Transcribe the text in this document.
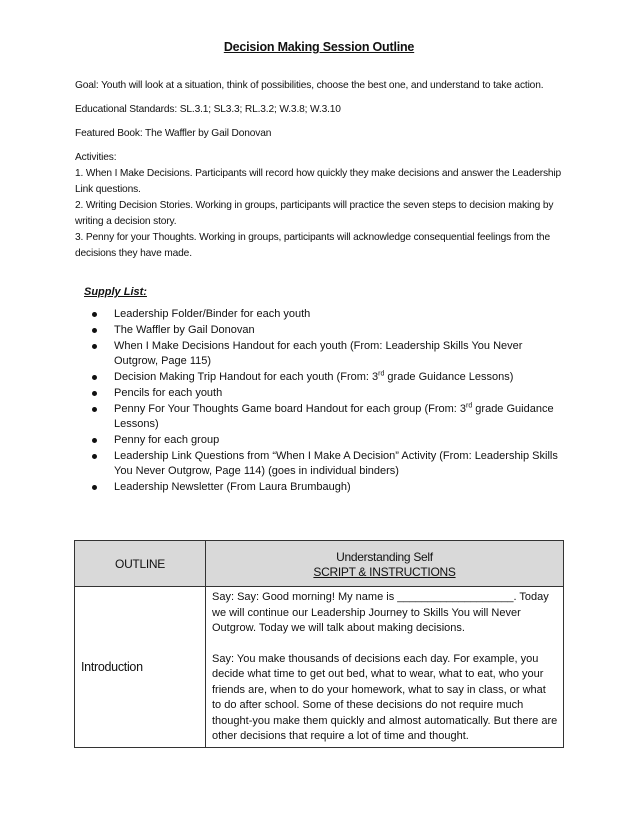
Decision Making Session Outline

Goal: Youth will look at a situation, think of possibilities, choose the best one, and understand to take action.

Educational Standards: SL.3.1; SL3.3; RL.3.2; W.3.8; W.3.10

Featured Book: The Waffler by Gail Donovan

Activities:
1. When I Make Decisions. Participants will record how quickly they make decisions and answer the Leadership Link questions.
2. Writing Decision Stories. Working in groups, participants will practice the seven steps to decision making by writing a decision story.
3. Penny for your Thoughts. Working in groups, participants will acknowledge consequential feelings from the decisions they have made.
Supply List:
Leadership Folder/Binder for each youth
The Waffler by Gail Donovan
When I Make Decisions Handout for each youth (From: Leadership Skills You Never Outgrow, Page 115)
Decision Making Trip Handout for each youth (From: 3rd grade Guidance Lessons)
Pencils for each youth
Penny For Your Thoughts Game board Handout for each group (From: 3rd grade Guidance Lessons)
Penny for each group
Leadership Link Questions from “When I Make A Decision” Activity (From: Leadership Skills You Never Outgrow, Page 114) (goes in individual binders)
Leadership Newsletter (From Laura Brumbaugh)
OUTLINE	Understanding Self
SCRIPT & INSTRUCTIONS

Introduction	Say: Say: Good morning! My name is ___________________. Today we will continue our Leadership Journey to Skills You will Never Outgrow. Today we will talk about making decisions.

Say: You make thousands of decisions each day. For example, you decide what time to get out bed, what to wear, what to eat, who your friends are, when to do your homework, what to say in class, or what to do after school. Some of these decisions do not require much thought-you make them quickly and almost automatically. But there are other decisions that require a lot of time and thought.
